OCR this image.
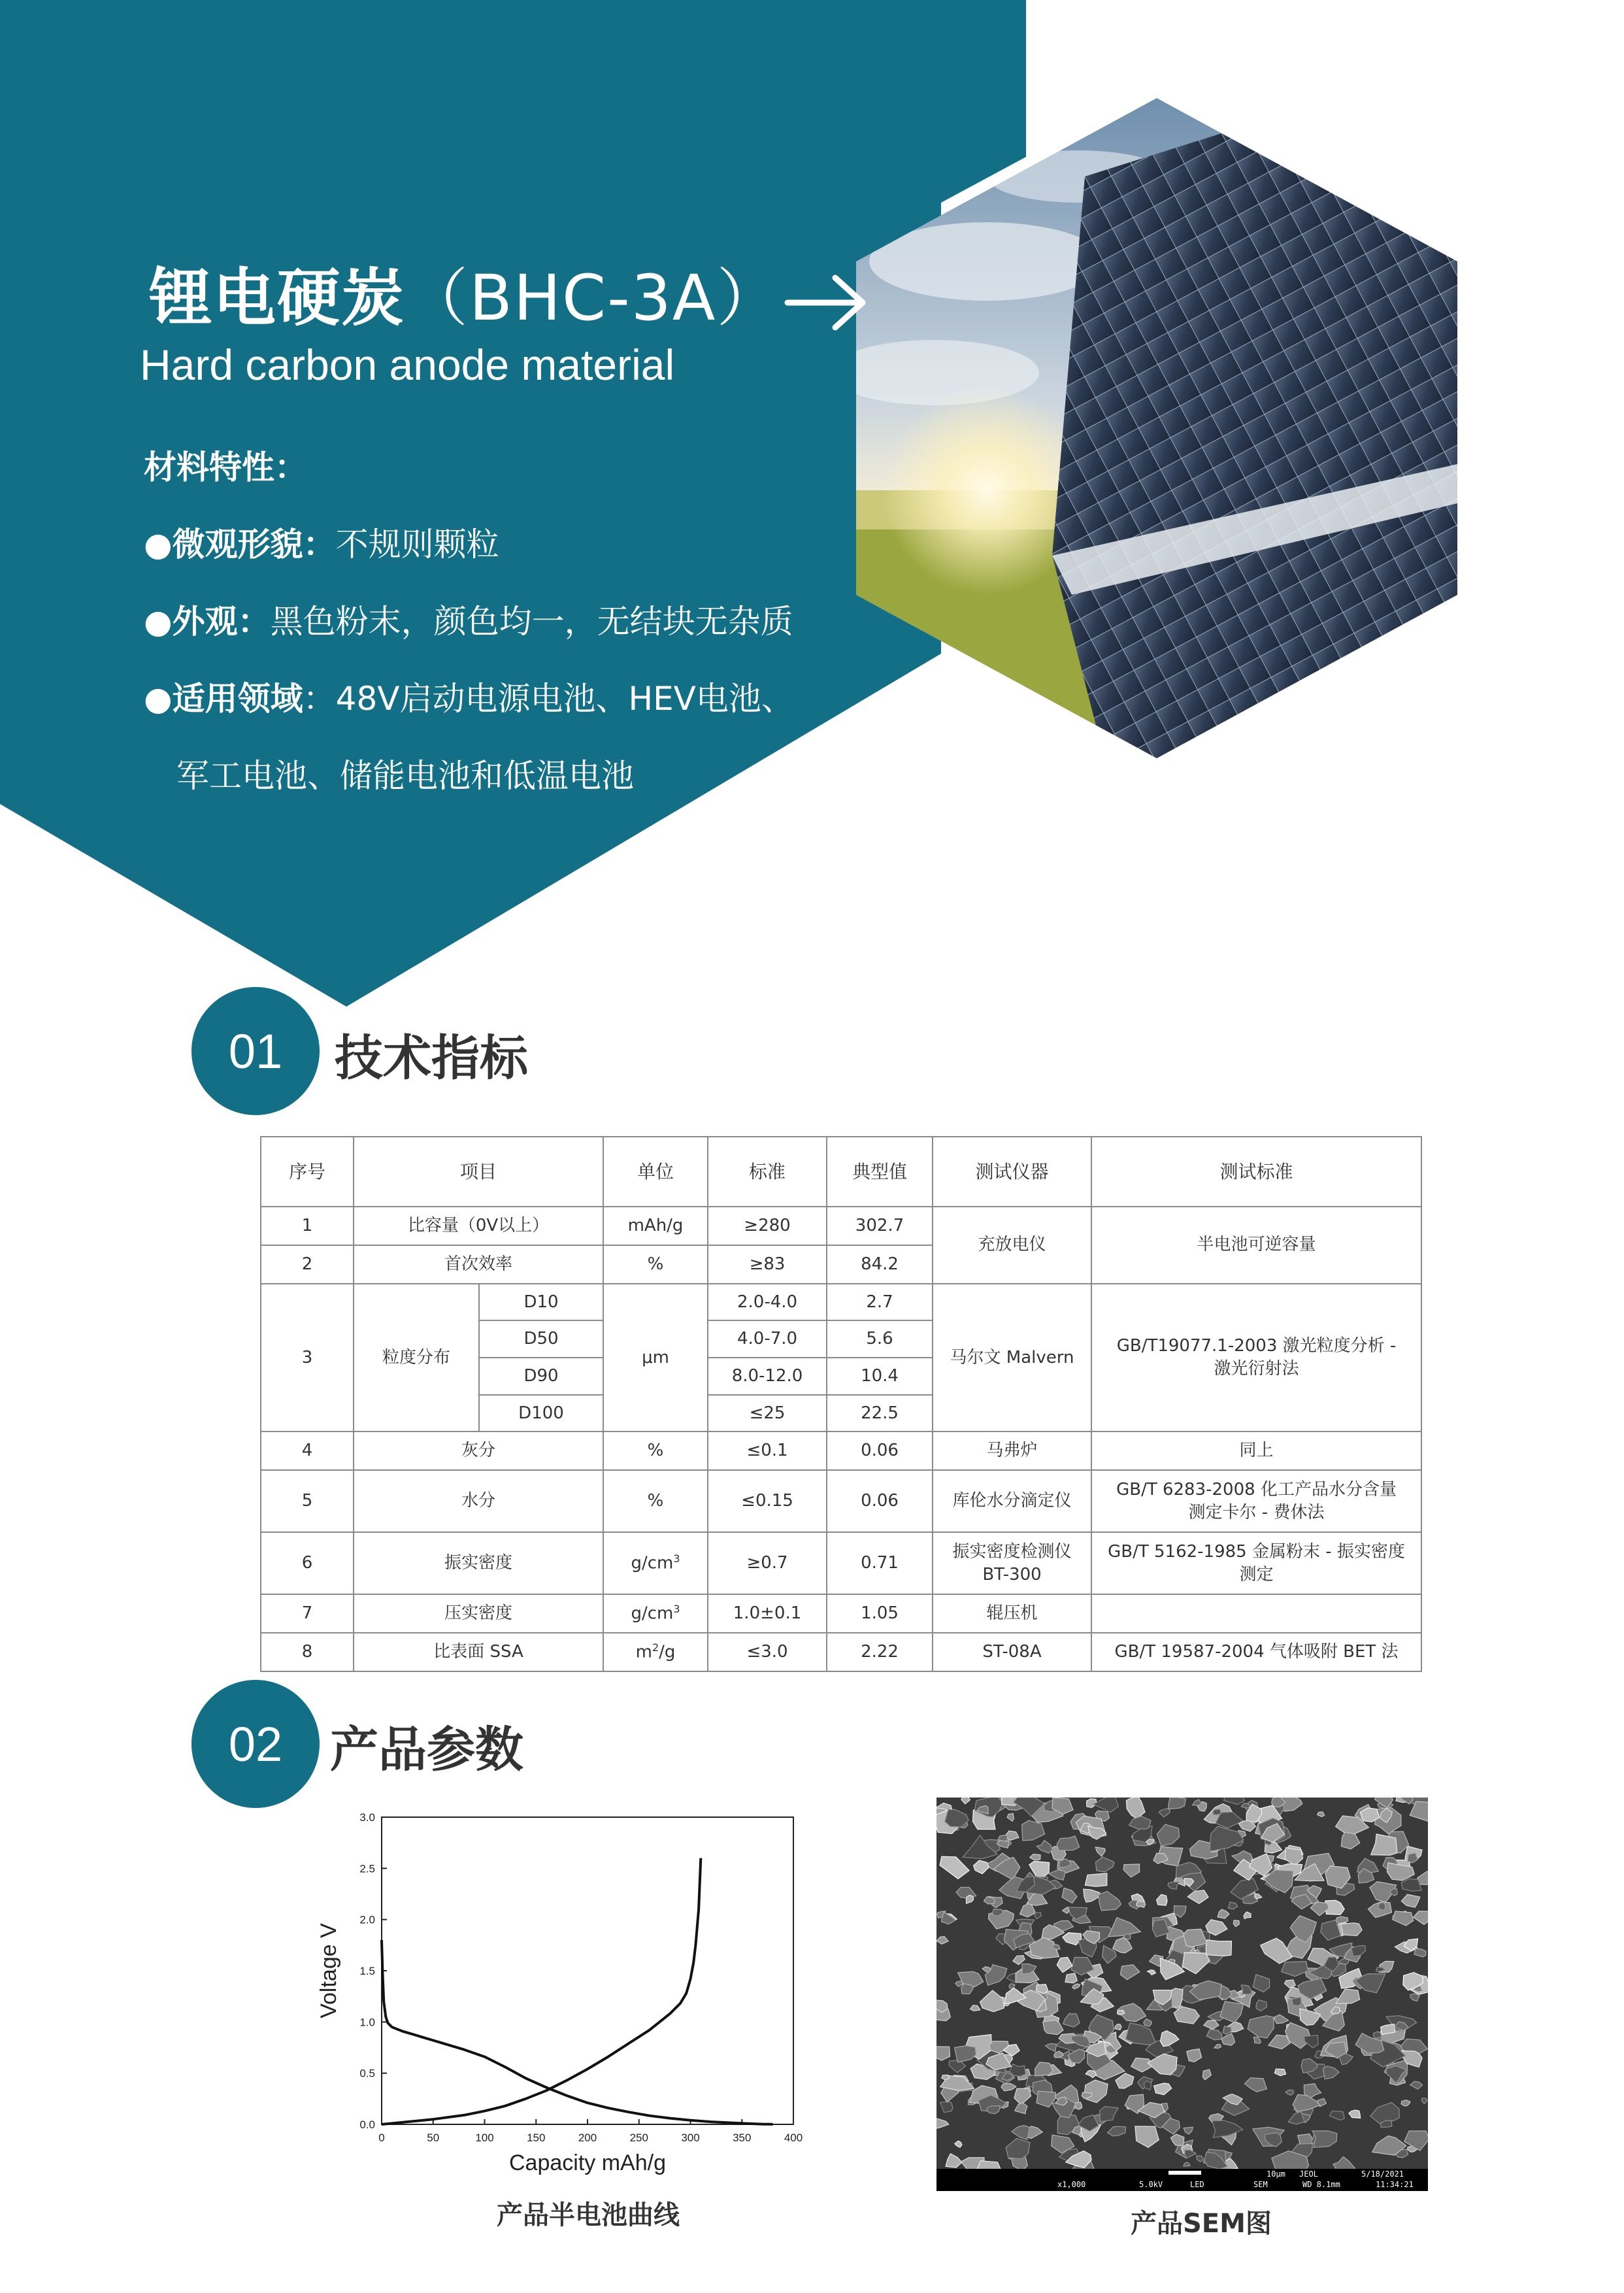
锂电硬炭（BHC-3A）
Hard carbon anode material
材料特性：
●微观形貌：不规则颗粒
●外观：黑色粉末，颜色均一，无结块无杂质
●适用领域：48V启动电源电池、HEV电池、
军工电池、储能电池和低温电池
01	技术指标
序号	项目		单位	标准	典型值	测试仪器	测试标准
1	比容量（0V以上）		mAh/g	≥280	302.7	充放电仪	半电池可逆容量
2	首次效率		%	≥83	84.2		
3	粒度分布	D10	μm	2.0-4.0	2.7	马尔文 Malvern	GB/T19077.1-2003 激光粒度分析 -
激光衍射法
		D50		4.0-7.0	5.6		
		D90		8.0-12.0	10.4		
		D100		≤25	22.5		
4	灰分		%	≤0.1	0.06	马弗炉	同上
5	水分		%	≤0.15	0.06	库伦水分滴定仪	GB/T 6283-2008 化工产品水分含量
测定卡尔 - 费休法
6	振实密度		$g/cm^3$	≥0.7	0.71	振实密度检测仪
BT-300	GB/T 5162-1985 金属粉末 - 振实密度
测定
7	压实密度		$g/cm^3$	1.0±0.1	1.05	辊压机	
8	比表面 SSA		$m^2/g$	≤3.0	2.22	ST-08A	GB/T 19587-2004 气体吸附 BET 法
02 产品参数
0	50	100	150	200	250	300	350	400
0.0
0.5
1.0
1.5
2.0
2.5
3.0
Capacity mAh/g
Voltage V
产品半电池曲线
10μm JEOL	5/18/2021
x1,000	5.0kV	LED	SEM	WD 8.1mm	11:34:21
产品SEM图
